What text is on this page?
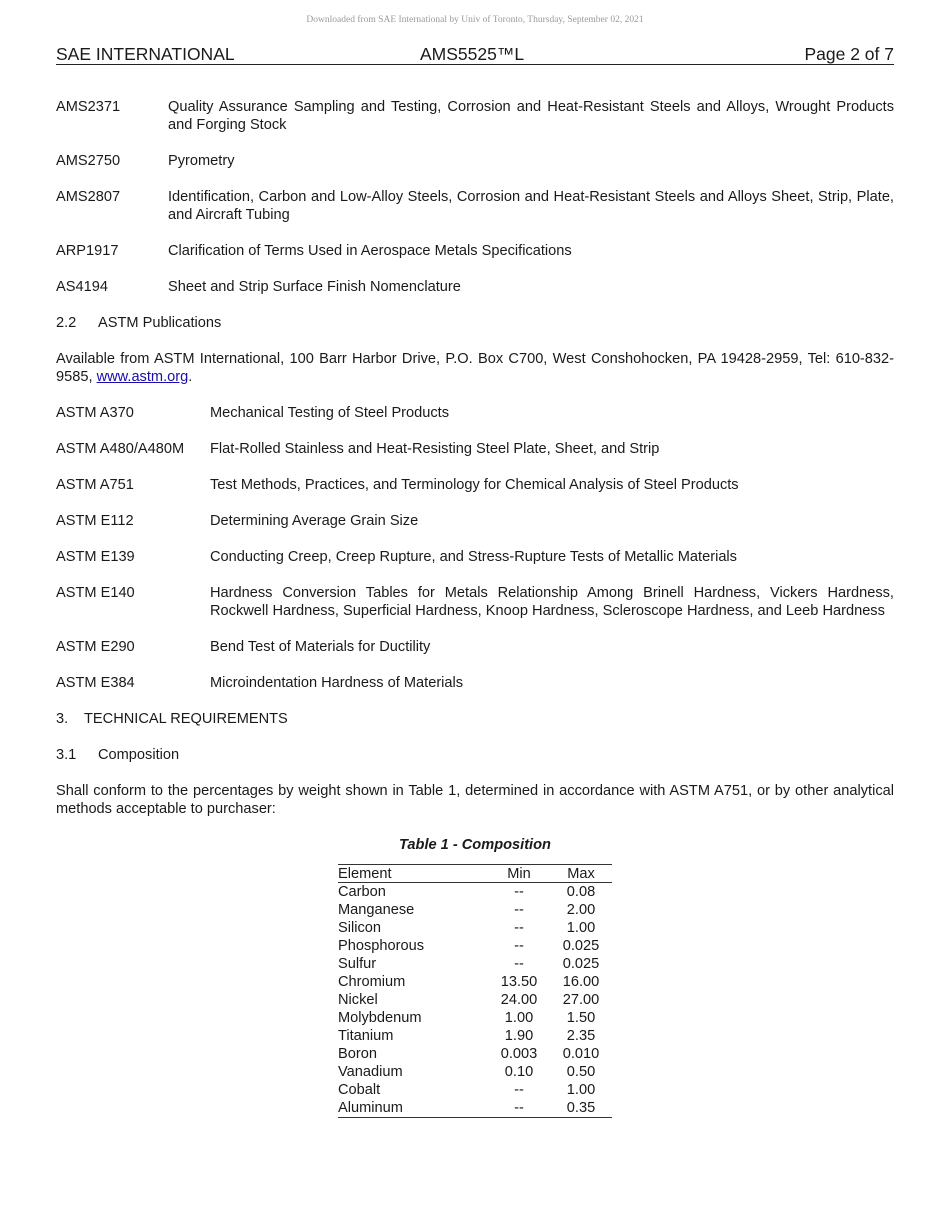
Downloaded from SAE International by Univ of Toronto, Thursday, September 02, 2021
SAE INTERNATIONAL	AMS5525™L	Page 2 of 7
AMS2371	Quality Assurance Sampling and Testing, Corrosion and Heat-Resistant Steels and Alloys, Wrought Products and Forging Stock
AMS2750	Pyrometry
AMS2807	Identification, Carbon and Low-Alloy Steels, Corrosion and Heat-Resistant Steels and Alloys Sheet, Strip, Plate, and Aircraft Tubing
ARP1917	Clarification of Terms Used in Aerospace Metals Specifications
AS4194	Sheet and Strip Surface Finish Nomenclature
2.2 ASTM Publications
Available from ASTM International, 100 Barr Harbor Drive, P.O. Box C700, West Conshohocken, PA 19428-2959, Tel: 610-832-9585, www.astm.org.
ASTM A370	Mechanical Testing of Steel Products
ASTM A480/A480M	Flat-Rolled Stainless and Heat-Resisting Steel Plate, Sheet, and Strip
ASTM A751	Test Methods, Practices, and Terminology for Chemical Analysis of Steel Products
ASTM E112	Determining Average Grain Size
ASTM E139	Conducting Creep, Creep Rupture, and Stress-Rupture Tests of Metallic Materials
ASTM E140	Hardness Conversion Tables for Metals Relationship Among Brinell Hardness, Vickers Hardness, Rockwell Hardness, Superficial Hardness, Knoop Hardness, Scleroscope Hardness, and Leeb Hardness
ASTM E290	Bend Test of Materials for Ductility
ASTM E384	Microindentation Hardness of Materials
3. TECHNICAL REQUIREMENTS
3.1 Composition
Shall conform to the percentages by weight shown in Table 1, determined in accordance with ASTM A751, or by other analytical methods acceptable to purchaser:
Table 1 - Composition
Element	Min	Max
Carbon	--	0.08
Manganese	--	2.00
Silicon	--	1.00
Phosphorous	--	0.025
Sulfur	--	0.025
Chromium	13.50	16.00
Nickel	24.00	27.00
Molybdenum	1.00	1.50
Titanium	1.90	2.35
Boron	0.003	0.010
Vanadium	0.10	0.50
Cobalt	--	1.00
Aluminum	--	0.35
